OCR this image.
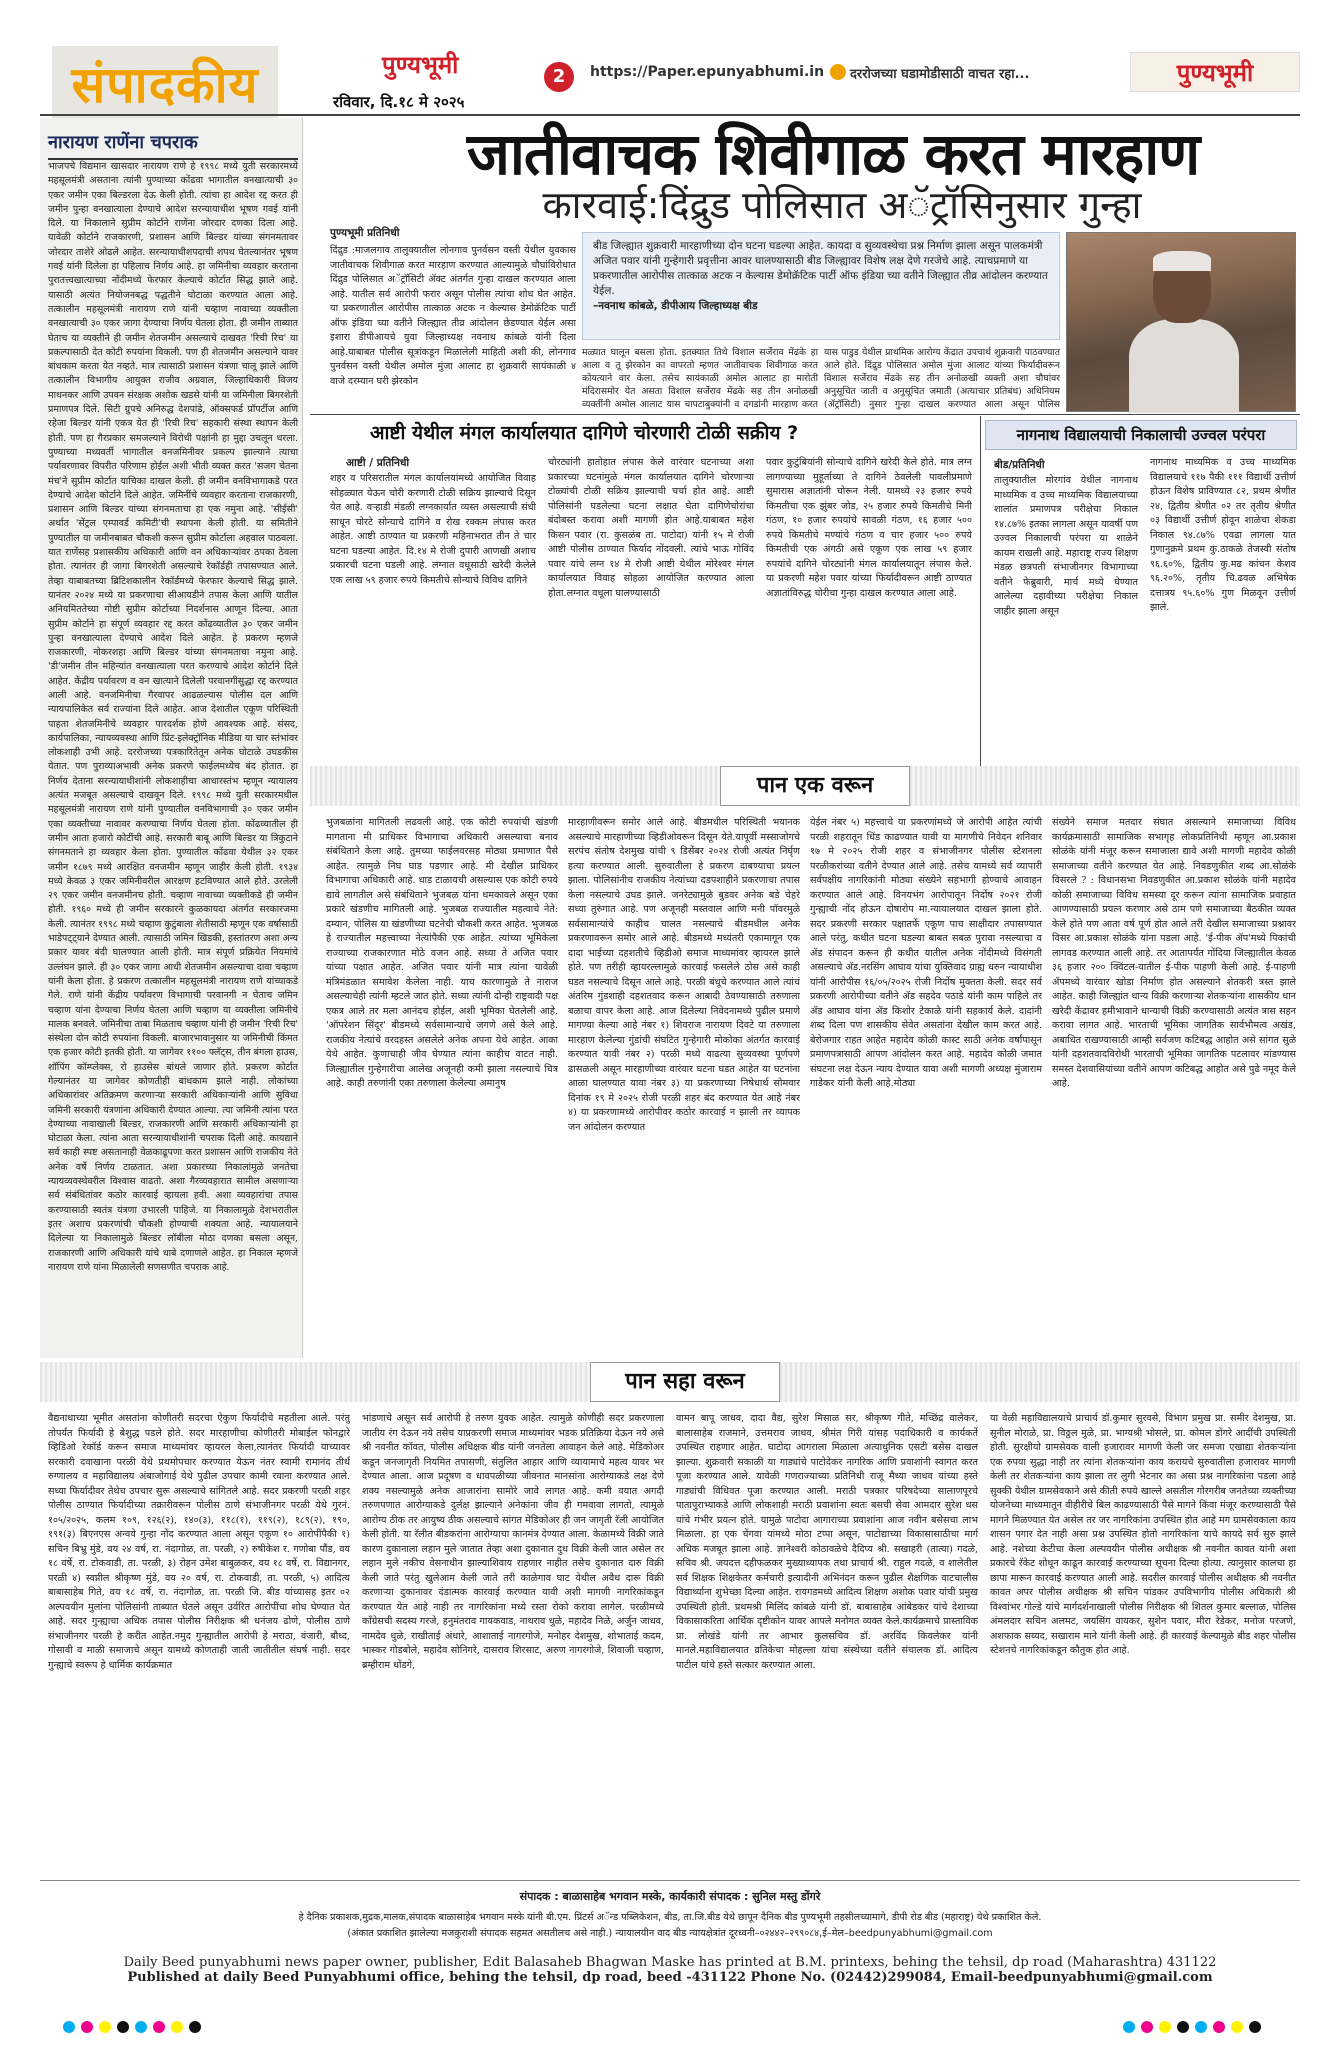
संपादकीय	पुण्यभूमी	2	https://Paper.epunyabhumi.in दररोजच्या घडामोडीसाठी वाचत रहा...	पुण्यभूमी
रविवार, दि.१८ मे २०२५
नारायण राणेंना चपराक
भाजपचे विद्यमान खासदार नारायण राणे हे १९९८ मध्ये युती सरकारमध्ये महसूलमंत्री असताना त्यांनी पुण्याच्या कोंढवा भागातील वनखात्याची ३० एकर जमीन एका बिल्डरला देऊ केली होती. त्यांचा हा आदेश रद्द करत ही जमीन पुन्हा वनखात्याला देण्याचे आदेश सरन्यायाधीश भूषण गवई यांनी दिले. या निकालाने सुप्रीम कोर्टाने राणेंना जोरदार दणका दिला आहे. यावेळी कोर्टाने राजकारणी, प्रशासन आणि बिल्डर यांच्या संगनमतावर जोरदार ताशेरे ओढले आहेत. सरन्यायाधीशपदाची शपथ घेतल्यानंतर भूषण गवई यांनी दिलेला हा पहिलाच निर्णय आहे. हा जमिनीचा व्यवहार करताना पुरातत्त्वखात्याच्या नोंदीमध्ये फेरफार केल्याचे कोर्टात सिद्ध झाले आहे. यासाठी अत्यंत नियोजनबद्ध पद्धतीने घोटाळा करण्यात आला आहे. तत्कालीन महसूलमंत्री नारायण राणे यांनी चव्हाण नावाच्या व्यक्तीला वनखात्याची ३० एकर जागा देण्याचा निर्णय घेतला होता. ही जमीन ताब्यात घेताच या व्यक्तीने ही जमीन शेतजमीन असल्याचे दाखवत 'रिची रिच' या प्रकल्पासाठी देत कोटी रुपयांना विकली. पण ही शेतजमीन असल्याने यावर बांधकाम करता येत नव्हते. मात्र त्यासाठी प्रशासन यंत्रणा चालू झाले आणि तत्कालीन विभागीय आयुक्त राजीव अग्रवाल, जिल्हाधिकारी विजय माथनकर आणि उपवन संरक्षक अशोक खडसे यांनी या जमिनीला बिगरशेती प्रमाणपत्र दिले. सिटी ग्रुपचे अनिरुद्ध देशपांडे, ऑक्सफर्ड प्रॉपर्टीज आणि रहेजा बिल्डर यांनी एकत्र येत ही 'रिची रिच' सहकारी संस्था स्थापन केली होती. पण हा गैरप्रकार समजल्याने विरोधी पक्षांनी हा मुद्दा उचलून धरला. पुण्याच्या मध्यवर्ती भागातील वनजमिनीवर प्रकल्प झाल्याने त्याचा पर्यावरणावर विपरीत परिणाम होईल अशी भीती व्यक्त करत 'सजग चेतना मंच'ने सुप्रीम कोर्टात याचिका दाखल केली. ही जमीन वनविभागाकडे परत देण्याचे आदेश कोर्टाने दिले आहेत. जमिनींचे व्यवहार करताना राजकारणी, प्रशासन आणि बिल्डर यांच्या संगनमताचा हा एक नमुना आहे. 'सीईसी' अर्थात 'सेंट्रल एम्पावर्ड कमिटी'ची स्थापना केली होती. या समितीने पुण्यातील या जमीनबाबत चौकशी करून सुप्रीम कोर्टाला अहवाल पाठवला. यात राणेंसह प्रशासकीय अधिकारी आणि वन अधिकाऱ्यांवर ठपका ठेवला होता. त्यानंतर ही जागा बिगरशेती असल्याचे रेकॉर्डही तपासण्यात आले. तेव्हा याबाबतच्या ब्रिटिशकालीन रेकॉर्डमध्ये फेरफार केल्याचे सिद्ध झाले. यानंतर २०२४ मध्ये या प्रकरणाचा सीआयडीने तपास केला आणि यातील अनियमिततेच्या गोष्टी सुप्रीम कोर्टाच्या निदर्शनास आणून दिल्या. आता सुप्रीम कोर्टाने हा संपूर्ण व्यवहार रद्द करत कोंढव्यातील ३० एकर जमीन पुन्हा वनखात्याला देण्याचे आदेश दिले आहेत. हे प्रकरण म्हणजे राजकारणी, नोकरशहा आणि बिल्डर यांच्या संगनमताचा नमुना आहे. 'डी'जमीन तीन महिन्यांत वनखात्याला परत करण्याचे आदेश कोर्टाने दिले आहेत. केंद्रीय पर्यावरण व वन खात्याने दिलेली परवानगीसुद्धा रद्द करण्यात आली आहे. वनजमिनीचा गैरवापर आढळल्यास पोलीस दल आणि न्यायपालिकेत सर्व राज्यांना दिले आहेत. आज देशातील एकूण परिस्थिती पाहता शेतजमिनीचे व्यवहार पारदर्शक होणे आवश्यक आहे. संसद, कार्यपालिका, न्यायव्यवस्था आणि प्रिंट-इलेक्ट्रॉनिक मीडिया या चार स्तंभांवर लोकशाही उभी आहे. दररोजच्या पत्रकारितेतून अनेक घोटाळे उघडकीस येतात. पण पुराव्याअभावी अनेक प्रकरणे फाईलमध्येच बंद होतात. हा निर्णय देताना सरन्यायाधीशांनी लोकशाहीचा आधारस्तंभ म्हणून न्यायालय अत्यंत मजबूत असल्याचे दाखवून दिले. १९९८ मध्ये युती सरकारमधील महसूलमंत्री नारायण राणे यांनी पुण्यातील वनविभागाची ३० एकर जमीन एका व्यक्तीच्या नावावर करण्याचा निर्णय घेतला होता. कोंढव्यातील ही जमीन आता हजारो कोटींची आहे. सरकारी बाबू आणि बिल्डर या त्रिकुटाने संगनमताने हा व्यवहार केला होता. पुण्यातील कोंढवा येथील ३२ एकर जमीन १८७९ मध्ये आरक्षित वनजमीन म्हणून जाहीर केली होती. १९३४ मध्ये केवळ ३ एकर जमिनीवरील आरक्षण हटविण्यात आले होते. उरलेली २९ एकर जमीन वनजमीनच होती. चव्हाण नावाच्या व्यक्तीकडे ही जमीन होती. १९६० मध्ये ही जमीन सरकारने कुळकायदा अंतर्गत सरकारजमा केली. त्यानंतर १९९८ मध्ये चव्हाण कुटुंबाला शेतीसाठी म्हणून एक वर्षासाठी भाडेपट्ट्याने देण्यात आली. त्यासाठी जमिन खिडकी, हस्तांतरण अशा अन्य प्रकार यावर बंदी घालण्यात आली होती. मात्र संपूर्ण प्रक्रियेत नियमांचे उल्लंघन झाले. ही ३० एकर जागा आधी शेतजमीन असल्याचा दावा चव्हाण यांनी केला होता. हे प्रकरण तत्कालीन महसूलमंत्री नारायण राणे यांच्याकडे गेले. राणे यांनी केंद्रीय पर्यावरण विभागाची परवानगी न घेताच जमिन चव्हाण यांना देण्याचा निर्णय घेतला आणि चव्हाण या व्यक्तीला जमिनीचे मालक बनवले. जमिनीचा ताबा मिळताच चव्हाण यांनी ही जमीन 'रिची रिच' संस्थेला दोन कोटी रुपयांना विकली. बाजारभावानुसार या जमिनीची किंमत एक हजार कोटी इतकी होती. या जागेवर ११०० फ्लॅट्स, तीन बंगला हाउस, शॉपिंग कॉम्प्लेक्स, रो हाउसेस बांधले जाणार होते. प्रकरण कोर्टात गेल्यानंतर या जागेवर कोणतीही बांधकाम झाले नाही. लोकांच्या अधिकारांवर अतिक्रमण करणाऱ्या सरकारी अधिकाऱ्यांनी आणि सुविधा जमिनी सरकारी यंत्रणांना अधिकारी देण्यात आल्या. त्या जमिनी त्यांना परत देण्याच्या नावाखाली बिल्डर, राजकारणी आणि सरकारी अधिकाऱ्यांनी हा घोटाळा केला. त्यांना आता सरन्यायाधीशांनी चपराक दिली आहे. कायद्याने सर्व काही स्पष्ट असतानाही वेळकाढूपणा करत प्रशासन आणि राजकीय नेते अनेक वर्षे निर्णय टाळतात. अशा प्रकारच्या निकालांमुळे जनतेचा न्यायव्यवस्थेवरील विश्वास वाढतो. अशा गैरव्यवहारात सामील असणाऱ्या सर्व संबंधितांवर कठोर कारवाई व्हायला हवी. अशा व्यवहारांचा तपास करण्यासाठी स्वतंत्र यंत्रणा उभारली पाहिजे. या निकालामुळे देशभरातील इतर अशाच प्रकरणांची चौकशी होण्याची शक्यता आहे. न्यायालयाने दिलेल्या या निकालामुळे बिल्डर लॉबीला मोठा दणका बसला असून, राजकारणी आणि अधिकारी यांचे धाबे दणाणले आहेत. हा निकाल म्हणजे नारायण राणे यांना मिळालेली सणसणीत चपराक आहे.
जातीवाचक शिवीगाळ करत मारहाण
कारवाई:दिंद्रुड पोलिसात अॅट्रॉसिनुसार गुन्हा
पुण्यभूमी प्रतिनिधी
बीड जिल्ह्यात शुक्रवारी मारहाणीच्या दोन घटना घडल्या आहेत. कायदा व सुव्यवस्थेचा प्रश्न निर्माण झाला असून पालकमंत्री अजित पवार यांनी गुन्हेगारी प्रवृत्तीना आवर घालण्यासाठी बीड जिल्ह्यावर विशेष लक्ष देणे गरजेचे आहे. त्याचप्रमाणे या प्रकरणातील आरोपीस तात्काळ अटक न केल्यास डेमोक्रॅटिक पार्टी ऑफ इंडिया च्या वतीने जिल्ह्यात तीव्र आंदोलन करण्यात येईल.
–नवनाथ कांबळे, डीपीआय जिल्हाध्यक्ष बीड
दिंद्रुड :माजलगाव तालुक्यातील लोनगाव पुनर्वसन वस्ती येथील युवकास जातीवाचक शिवीगाळ करत मारहाण करण्यात आल्यामुळे चौघांविरोधात दिंद्रुड पोलिसात अॅट्रॉसिटी ॲक्ट अंतर्गत गुन्हा दाखल करण्यात आला आहे. यातील सर्व आरोपी फरार असून पोलीस त्यांचा शोध घेत आहेत. या प्रकरणातील आरोपीस तात्काळ अटक न केल्यास डेमोक्रॅटिक पार्टी ऑफ इंडिया च्या वतीने जिल्ह्यात तीव्र आंदोलन छेडण्यात येईल असा इशारा डीपीआयचे युवा जिल्हाध्यक्ष नवनाथ कांबळे यांनी दिला आहे.याबाबत पोलीस सूत्रांकडून मिळालेली माहिती अशी की, लोनगाव पुनर्वसन वस्ती येथील अमोल मुंजा आलाट हा शुक्रवारी सायंकाळी ४ वाजे दरम्यान घरी झेरकोन
मळ्यात घालून बसला होता. इतक्यात तिथे विशाल सर्जेराव मेंढके हा आला व तू झेरकोन का वापरतो म्हणत जातीवाचक शिवीगाळ करत कोयत्याने वार केला. तसेच सायंकाळी अमोल आलाट हा मारोती मंदिरासमोर येत असता विशाल सर्जेराव मेंढके सह तीन अनोळखी व्यक्तींनी अमोल आलाट यास चापटाबुक्यांनी व दगडांनी मारहाण करत
यास पाडुड येथील प्राथमिक आरोग्य केंद्रात उपचार्थ शुक्रवारी पाठवण्यात आले होते. दिंद्रुड पोलिसात अमोल मुंजा आलाट यांच्या फिर्यादीवरून विशाल सर्जेराव मेंढके सह तीन अनोळखी व्यक्ती अशा चौघांवर अनुसूचित जाती व अनुसूचित जमाती (अत्याचार प्रतिबंध) अधिनियम (ॲट्रॉसिटी) नुसार गुन्हा दाखल करण्यात आला असून पोलिस
आष्टी येथील मंगल कार्यालयात दागिणे चोरणारी टोळी सक्रीय ?
आष्टी / प्रतिनिधी
शहर व परिसरातील मंगल कार्यालयांमध्ये आयोजित विवाह सोहळ्यात येऊन चोरी करणारी टोळी सक्रिय झाल्याचे दिसून येत आहे. वऱ्हाडी मंडळी लग्नकार्यात व्यस्त असल्याची संधी साधून चोरटे सोन्याचे दागिने व रोख रक्कम लंपास करत आहेत. आष्टी ठाण्यात या प्रकरणी महिनाभरात तीन ते चार घटना घडल्या आहेत. दि.१४ मे रोजी दुपारी आणखी अशाच प्रकारची घटना घडली आहे. लग्नात वधूसाठी खरेदी केलेले एक लाख ५९ हजार रुपये किमतीचे सोन्याचे विविध दागिने
चोरट्यांनी हातोहात लंपास केले वारंवार घटनाच्या अशा प्रकारच्या घटनांमुळे मंगल कार्यालयात दागिने चोरणाऱ्या टोळ्यांची टोळी सक्रिय झाल्याची चर्चा होत आहे. आष्टी पोलिसांनी घडलेल्या घटना लक्षात घेता दागिणेचोरांचा बंदोबस्त करावा अशी मागणी होत आहे.याबाबत महेश किसन पवार (रा. कुसळंब ता. पाटोदा) यांनी १५ मे रोजी आष्टी पोलीस ठाण्यात फिर्याद नोंदवली. त्यांचे भाऊ गोविंद पवार यांचे लग्न १४ मे रोजी आष्टी येथील मोरेश्वर मंगल कार्यालयात विवाह सोहळा आयोजित करण्यात आला होता.लग्नात वधूला घालण्यासाठी
पवार कुटुंबियांनी सोन्याचे दागिने खरेदी केले होते. मात्र लग्न लागण्याच्या मुहूर्ताच्या ते दागिने ठेवलेली पावलीप्रमाणे सुमारास अज्ञातांनी चोरून नेली. यामध्ये २३ हजार रुपये किमतीचा एक झुंबर जोड, २५ हजार रुपये किमतीचे मिनी गंठण, १० हजार रुपयांचे सावळी गंठण, १६ हजार ५०० रुपये किमतीचे मण्यांचे गंठण व चार हजार ५०० रुपये किमतीची एक अंगठी असे एकूण एक लाख ५९ हजार रुपयांचे दागिने चोरट्यांनी मंगल कार्यालयातून लंपास केले. या प्रकरणी महेश पवार यांच्या फिर्यादीवरून आष्टी ठाण्यात अज्ञातांविरुद्ध चोरीचा गुन्हा दाखल करण्यात आला आहे.
नागनाथ विद्यालयाची निकालाची उज्वल परंपरा
बीड/प्रतिनिधी
तालुक्यातील मोरगांव येथील नागनाथ माध्यमिक व उच्च माध्यमिक विद्यालयाच्या शालांत प्रमाणपत्र परीक्षेचा निकाल १४.८७% इतका लागला असून यावर्षी पण उज्वल निकालाची परंपरा या शाळेने कायम राखली आहे. महाराष्ट्र राज्य शिक्षण मंडळ छत्रपती संभाजीनगर विभागाच्या वतीने फेब्रुवारी, मार्च मध्ये घेण्यात आलेल्या दहावीच्या परीक्षेचा निकाल जाहीर झाला असून
नागनाथ माध्यमिक व उच्च माध्यमिक विद्यालयाचे ११७ पैकी १११ विद्यार्थी उत्तीर्ण होऊन विशेष प्राविण्यात ८२, प्रथम श्रेणीत २४, द्वितीय श्रेणीत ०२ तर तृतीय श्रेणीत ०३ विद्यार्थी उत्तीर्ण होवून शाळेचा शेकडा निकाल ९४.८७% एवढा लागला यात गुणानुक्रमे प्रथम कु.ठाकळे तेजस्वी संतोष ९६.६०%, द्वितीय कु.मढ कांचन केशव ९६.२०%, तृतीय चि.ढवळ अभिषेक दत्तात्रय ९५.६०% गुण मिळवून उत्तीर्ण झाले.
पान एक वरून
भुजबळांना मागितली लढवली आहे. एक कोटी रुपयांची खंडणी मागताना मी प्राधिकर विभागाचा अधिकारी असल्याचा बनाव संबंधिताने केला आहे. तुमच्या फाईलवरसह मोठ्या प्रमाणात पैसे आहेत. त्यामुळे निघ घाड पडणार आहे. मी देखील प्राधिकर विभागाचा अधिकारी आहे. धाड टाळायची असल्यास एक कोटी रुपये द्यावे लागतील असे संबंधिताने भुजबळ यांना धमकावले असून एका प्रकारे खंडणीच मागितली आहे. भुजबळ राज्यातील महत्वाचे नेते: दम्यान, पोलिस या खंडणीच्या घटनेची चौकशी करत आहेत. भुजबळ हे राज्यातील महत्त्वाच्या नेत्यांपैकी एक आहेत. त्यांच्या भूमिकेला राज्याच्या राजकारणात मोठे वजन आहे. सध्या ते अजित पवार यांच्या पक्षात आहेत. अजित पवार यांनी मात्र त्यांना यावेळी मंत्रिमंडळात समावेश केलेला नाही. याच कारणामुळे ते नाराज असल्याचेही त्यांनी म्हटले जात होते. सध्या त्यांनी दोन्ही राष्ट्रवादी पक्ष एकत्र आले तर मला आनंदच होईल, अशी भूमिका घेतलेली आहे. 'ऑपरेशन सिंदूर' बीडमध्ये सर्वसामान्याचे जगणे असे केले आहे. राजकीय नेत्यांचे वरदहस्त असलेले अनेक अपना येथे आहेत. आका येथे आहेत. कुणाचाही जीव घेण्यात त्यांना काहीच वाटत नाही. जिल्ह्यातील गुन्हेगारीचा आलेख अजूनही कमी झाला नसल्याचे चित्र आहे. काही तरुणांनी एका तरुणाला केलेल्या अमानुष
मारहाणीवरून समोर आले आहे. बीडमधील परिस्थिती भयानक असल्याचे मारहाणीच्या व्हिडीओवरून दिसून येते.यापूर्वी मस्साजोगचे सरपंच संतोष देशमुख यांची ९ डिसेंबर २०२४ रोजी अत्यंत निर्घृण हत्या करण्यात आली. सुरुवातीला हे प्रकरण दाबण्याचा प्रयत्न झाला. पोलिसांनीच राजकीय नेत्यांच्या दडपशाहीने प्रकरणाचा तपास केला नसल्याचे उघड झाले. जनरेट्यामुळे बुडवर अनेक बडे चेहरे सध्या तुरुंगात आहे. पण अजूनही मस्तवाल आणि मनी पॉवरमुळे सर्वसामान्यांचे काहीच चालत नसल्याचे बीडमधील अनेक प्रकरणावरून समोर आले आहे. बीडमध्ये मध्यंतरी एकामागून एक दादा भाईच्या दहशतीचे व्हिडीओ समाज माध्यमांवर व्हायरल झाले होते. पण तरीही व्हायरल्लामुळे कारवाई फसलेले ठोस असे काही घडत नसल्याचे दिसून आले आहे. परळी बंधूचे करण्यात आले त्यांचं अंतरिम गुंडशाही दहशतवाद करून आबादी ठेवण्यासाठी तरुणाला बळाचा वापर केला आहे. आज दिलेल्या निवेदनामध्ये पुढील प्रमाणे मागण्या केल्या आहे नंबर १) शिवराज नारायण दिवटे या तरुणाला मारहाण केलेल्या गुंडांची संघटित गुन्हेगारी मोकोका अंतर्गत कारवाई करण्यात यावी नंबर २) परळी मध्ये वाढत्या सुव्यवस्था पूर्णपणे ढासळली असून मारहाणीच्या वारंवार घटना घडत आहेत या घटनांना आळा घालण्यात यावा नंबर ३) या प्रकरणाच्या निषेधार्थ सोमवार दिनांक १९ मे २०२५ रोजी परळी शहर बंद करण्यात येत आहे नंबर ४) या प्रकरणामध्ये आरोपीवर कठोर कारवाई न झाली तर व्यापक जन आंदोलन करण्यात
येईल नंबर ५) महत्त्वाचे या प्रकरणांमध्ये जे आरोपी आहेत त्यांची परळी शहरातून धिंड काढण्यात यावी या मागणीचे निवेदन शनिवार १७ मे २०२५ रोजी शहर व संभाजीनगर पोलीस स्टेशनला परळीकरांच्या वतीने देण्यात आले आहे. तसेच यामध्ये सर्व व्यापारी सर्वपक्षीय नागरिकांनी मोठ्या संख्येने सहभागी होण्याचे आवाहन करण्यात आले आहे. विनयभंग आरोपातून निर्दोष २०२१ रोजी गुन्ह्याची नोंद होऊन दोषारोप मा.न्यायालयात दाखल झाला होते. सदर प्रकरणी सरकार पक्षातर्फे एकूण पाच साक्षीदार तपासण्यात आले परंतु, कथीत घटना घडल्या बाबत सबळ पुरावा नसल्याचा व ॲड संपादन करून ही कथीत यातील अनेक नोंदीमध्ये विसंगती असल्याचे ॲड.नरसिंग आघाव यांचा युक्तिवाद ग्राह्य धरुन न्यायाधीश यांनी आरोपीस १६/०५/२०२५ रोजी निर्दोष मुक्तता केली. सदर सर्व प्रकरणी आरोपीच्या वतीने ॲड सहदेव पठाडे यांनी काम पाहिले तर ॲड आघाव यांना ॲड किशोर टेकाळे यांनी सहकार्य केले. दादांनी शब्द दिला पण शासकीय सेवेत असतांना देखील काम करत आहे. बेरोजगार राहत आहेत महादेव कोळी कास्ट साठी अनेक वर्षांपासून प्रमाणपत्रासाठी आपण आंदोलन करत आहे. महादेव कोळी जमात संघटना लक्ष देऊन न्याय देण्यात यावा अशी मागणी अध्यक्ष मुंजाराम गाडेकर यांनी केली आहे.मोठ्या
संख्येने समाज मतदार संघात असल्याने समाजाच्या विविध कार्यक्रमासाठी सामाजिक सभागृह लोकप्रतिनिधी म्हणून आ.प्रकाश सोळंके यांनी मंजूर करून समाजाला द्यावे अशी मागणी महादेव कोळी समाजाच्या वतीने करण्यात येत आहे. निवडणुकीत शब्द आ.सोळंके विसरले ? : विधानसभा निवडणुकीत आ.प्रकाश सोळंके यांनी महादेव कोळी समाजाच्या विविध समस्या दूर करून त्यांना सामाजिक प्रवाहात आणण्यासाठी प्रयत्न करणार असे ठाम पणे समाजाच्या बैठकीत व्यक्त केले होते पण आता वर्ष पूर्ण होत आले तरी देखील समाजाच्या प्रश्नावर विसर आ.प्रकाश सोळंके यांना पडला आहे. 'ई-पीक ॲप'मध्ये पिकांची लागवड करण्यात आली आहे. तर आतापर्यंत गोंदिया जिल्ह्यातील केवळ ३६ हजार २०० क्विंटल-यातील ई-पीक पाहणी केली आहे. ई-पाहणी ॲपमध्ये वारंवार खोडा निर्माण होत असल्याने शेतकरी त्रस्त झाले आहेत. काही जिल्ह्यांत धान्य विक्री करणाऱ्या शेतकऱ्यांना शासकीय धान खरेदी केंद्रावर हमीभावाने धान्याची विक्री करण्यासाठी अत्यंत त्रास सहन करावा लागत आहे. भारताची भूमिका जागतिक सार्वभौमत्व अखंड, अबाधित राखण्यासाठी आम्ही सर्वजण कटिबद्ध आहोत असे सांगत सुळे यांनी दहशतवादविरोधी भारताची भूमिका जागतिक पटलावर मांडण्यास समस्त देशवासियांच्या वतीने आपण कटिबद्ध आहोत असे पुढे नमूद केले आहे.
पान सहा वरून
वैद्यनाथाच्या भूमीत असतांना कोणीतरी सदरचा ऐकुण फिर्यादीचे महतीला आले. परंतु तोपर्यंत फिर्यादी हे बेशुद्ध पडले होते. सदर मारहाणीचा कोणीतरी मोबाईल फोनद्वारे व्हिडिओ रेकॉर्ड करून समाज माध्यमांवर व्हायरल केला,त्यानंतर फिर्यादी याच्यावर सरकारी दवाखाना परळी येथे प्रथमोपचार करण्यात येऊन नंतर स्वामी रामानंद तीर्थ रुग्णालय व महाविद्यालय अंबाजोगाई येथे पुढील उपचार कामी रवाना करण्यात आले. सध्या फिर्यादीवर तेथेच उपचार सुरू असल्याचे सांगितले आहे. सदर प्रकरणी परळी शहर पोलीस ठाण्यात फिर्यादीच्या तक्रारीवरून पोलीस ठाणे संभाजीनगर परळी येथे गुरनं. १०५/२०२५, कलम १०९, १२६(२), १४०(३), ११८(१), ११९(२), १८९(२), १९०, १९१(३) बिएनएस अन्वये गुन्हा नोंद करण्यात आला असून एकूण १० आरोपींपैकी १) सचिन बिभ्रु मुंडे, वय २४ वर्ष, रा. नंदागोळ, ता. परळी, २) रुषीकेश र. गणोबा पौंड, वय १८ वर्षे, रा. टोकवाडी, ता. परळी, ३) रोहन उमेश बाबुळकर, वय १८ वर्षे, रा. विद्यानगर, परळी ४) स्वप्नील श्रीकृष्ण मुंडे, वय २० वर्ष, रा. टोकवाडी, ता. परळी, ५) आदित्य बाबासाहेब गिते, वय १८ वर्षे, रा. नंदागोळ, ता. परळी जि. बीड यांच्यासह इतर ०२ अल्पवयीन मुलांना पोलिसांनी ताब्यात घेतले असून उर्वरित आरोपींचा शोध घेण्यात येत आहे. सदर गुन्ह्याचा अधिक तपास पोलीस निरीक्षक श्री धनंजय ढोणे, पोलीस ठाणे संभाजीनगर परळी हे करीत आहेत.नमुद गुन्ह्यातील आरोपी हे मराठा, वंजारी, बौध्द, गोसावी व माळी समाजाचे असून यामध्ये कोणताही जाती जातीतील संघर्ष नाही. सदर गुन्ह्याचे स्वरूप हे धार्मिक कार्यक्रमात
भांडणाचे असून सर्व आरोपी हे तरुण युवक आहेत. त्यामुळे कोणीही सदर प्रकरणाला जातीय रंग देऊन नये तसेच याप्रकरणी समाज माध्यमांवर भडक प्रतिक्रिया देऊन नये असे श्री नवनीत कॉवत, पोलीस अधिक्षक बीड यांनी जनतेला आवाहन केले आहे. मेडिकोअर कडून जनजागृती नियमित तपासणी, संतुलित आहार आणि व्यायामाचे महत्व यावर भर देण्यात आला. आज प्रदूषण व धावपळीच्या जीवनात मानसांना आरोग्याकडे लक्ष देणे शक्य नसल्यामुळे अनेक आजारांना सामोरे जावे लागत आहे. कमी वयात अगदी तरुणपणात आरोग्याकडे दुर्लक्ष झाल्याने अनेकांना जीव ही गमवावा लागतो, त्यामुळे आरोग्य ठीक तर आयुष्य ठीक असल्याचे सांगत मेडिकोअर ही जन जागृती रॅली आयोजित केली होती. या रॅलीत बीडकरांना आरोग्याचा कानमंत्र देण्यात आला. केळामध्ये विक्री जाते कारण दुकानाला लहान मुले जातात तेव्हा अशा दुकानात दुध विक्री केली जात असेल तर लहान मुले नकीच वेसनाधीन झाल्याशिवाय राहणार नाहीत तसेच दुकानात दारु विक्री केली जाते परंतु खुलेआम केली जाते तरी काळेगाव घाट येथील अवैध दारू विक्री करणाऱ्या दुकानावर दंडात्मक कारवाई करण्यात यावी अशी मागणी नागरिकांकडून करण्यात येत आहे नाही तर नागरिकांना मध्ये रस्ता रोको करावा लागेल. परळीमध्ये काँग्रेसची सदस्य गरजे, हनुमंतराव गायकवाड, नाथराव धुळे, महादेव निळे, अर्जुन जाधव, नामदेव धुळे, राखीताई अंधारे, आशाताई नागरगोजे, मनोहर देशमुख, शोभाताई कदम, भास्कर गोडबोले, महादेव सोनिगरे, दासराव शिरसाट, अरुण नागरगोजे, शिवाजी चव्हाण, ब्रम्हीराम धोंडगे,
वामन बापू जाधव, दादा वैद्य, सुरेश मिसाळ सर, श्रीकृष्ण गीते, मच्छिंद्र वालेकर, बालासाहेब राजमाने, उत्तमराव जाधव, श्रीमंत गिरी यांसह पदाधिकारी व कार्यकर्ते उपस्थित राहणार आहेत. घाटोदा आगराला मिळाला अत्याधुनिक एसटी बसेस दाखल झाल्या. शुक्रवारी सकाळी या गाड्यांचे पाटोदेकर नागरिक आणि प्रवाशांनी स्वागत करत पूजा करण्यात आले. यावेळी गणराज्याच्या प्रतिनिधी राजू मैथ्या जाधव यांच्या हस्ते गाड्यांची विधिवत पूजा करण्यात आली. मराठी पत्रकार परिषदेच्या सालाणपूरचे पातापुराभ्याकडे आणि लोकशाही मराठी प्रवाशांना स्वतः बसची सेवा आमदार सुरेश धस यांचे गंभीर प्रयत्न होते. यामुळे पाटोदा आगाराच्या प्रवाशांना आज नवीन बसेसचा लाभ मिळाला. हा एक चेंगवा यांमध्ये मोठा टप्पा असून, पाटोद्याच्या विकासासाठीचा मार्ग अधिक मजबूत झाला आहे. ज्ञानेश्वरी कोठावळेचे दैदिप्य श्री. सखाहरी (तात्या) गदळे, सचिव श्री. जयदत्त दहीफळकर मुख्याध्यापक तथा प्राचार्य श्री. राहुल गदळे, व शालेतील सर्व शिक्षक शिक्षकेतर कर्मचारी इत्यादीनी अभिनंदन करून पुढील शैक्षणिक वाटचालीस विद्यार्थ्याना शुभेच्छा दिल्या आहेत. रायगडमध्ये आदित्य शिक्षण अशोक पवार यांची प्रमुख उपस्थिती होती. प्रथमश्री मिलिंद कांबळे यांनी डॉ. बाबासाहेब आंबेडकर यांचे देशाच्या विकासाकरिता आर्थिक दृष्टीकोन यावर आपले मनोगत व्यक्त केले.कार्यक्रमाचे प्रास्ताविक प्रा. लोखंडे यांनी तर आभार कुलसचिव डॉ. अरविंद किवलेकर यांनी मानले.महाविद्यालयात व्रतिकेचा मोहल्ला यांचा संस्थेच्या वतीने संचालक डॉ. आदित्य पाटील यांचे हस्ते सत्कार करण्यात आला.
या वेळी महाविद्यालयाचे प्राचार्य डॉ.कुमार सुरवसे, विभाग प्रमुख प्रा. समीर देशमुख, प्रा. सुनील मोराळे, प्रा. विठ्ठल मुळे, प्रा. भाग्यश्री भोसले, प्रा. कोमल डोंगरे आदींची उपस्थिती होती. सुरक्षीयो ग्रामसेवक वाली हजारावर मागणी केली जर समजा एखाद्या शेतकऱ्यांना एक रुपया सुद्धा नाही तर त्यांना शेतकऱ्यांना काय करायचे सुरुवातीला हजारावर मागणी केली तर शेतकऱ्यांना काय झाला तर लुगी भेटनार का असा प्रश्न नागरिकांना पडला आहे सुक्की येथील ग्रामसेवकाने असे कीती रुपये खाल्ले असतील गोरगरीब जनतेच्या व्यक्तीच्या योजनेच्या माध्यमातून वीहीरीचे बिल काढण्यासाठी पैसे मागने किंवा मंजूर करण्यासाठी पैसे मागने मिळण्यात येत असेल तर जर नागरिकांना उपस्थित होत आहे मग ग्रामसेवकाला काय शासन पगार देत नाही असा प्रश्न उपस्थित होतो नागरिकांना याचे कायदे सर्व सुरु झाले आहे. नशेच्या केटीचा केला अल्पवयीन पोलीस अधीक्षक श्री नवनीत कावत यांनी अशा प्रकारचे रॅकेट शोधून काढून कारवाई करण्याच्या सूचना दिल्या होत्या. त्यानुसार कालचा हा छापा मारून कारवाई करण्यात आली आहे. सदरील कारवाई पोलीस अधीक्षक श्री नवनीत कावत अपर पोलीस अधीक्षक श्री सचिन पांडकर उपविभागीय पोलीस अधिकारी श्री विश्वांभर गोल्डे यांचे मार्गदर्शनाखाली पोलीस निरीक्षक श्री शितल कुमार बल्लाळ, पोलिस अंमलदार सचिन अलमट, जयसिंग वायकर, सुशेन पवार, मीरा रेडेकर, मनोज परजणे, अशफाक सय्यद, सखाराम माने यांनी केली आहे. ही कारवाई केल्यामुळे बीड शहर पोलीस स्टेशनचे नागरिकांकडून कौतुक होत आहे.
संपादक : बाळासाहेब भगवान मस्के, कार्यकारी संपादक : सुनिल मस्तु डोंगरे
हे दैनिक प्रकाशक,मुद्रक,मालक,संपादक बाळासाहेब भगवान मस्के यांनी बी.एम. प्रिंटर्स अॅन्ड पब्लिकेशन, बीड, ता.जि.बीड येथे छापून दैनिक बीड पुण्यभूमी तहसीलच्यामागे, डीपी रोड बीड (महाराष्ट्र) येथे प्रकाशित केले.
(अंकात प्रकाशित झालेल्या मजकुराशी संपादक सहमत असतीलच असे नाही.) न्यायालयीन वाद बीड न्यायक्षेत्रांत दूरध्वनी–०२४४२–२९९०८४,ई–मेल–beedpunyabhumi@gmail.com
Daily Beed punyabhumi news paper owner, publisher, Edit Balasaheb Bhagwan Maske has printed at B.M. printexs, behing the tehsil, dp road (Maharashtra) 431122
Published at daily Beed Punyabhumi office, behing the tehsil, dp road, beed -431122 Phone No. (02442)299084, Email-beedpunyabhumi@gmail.com
